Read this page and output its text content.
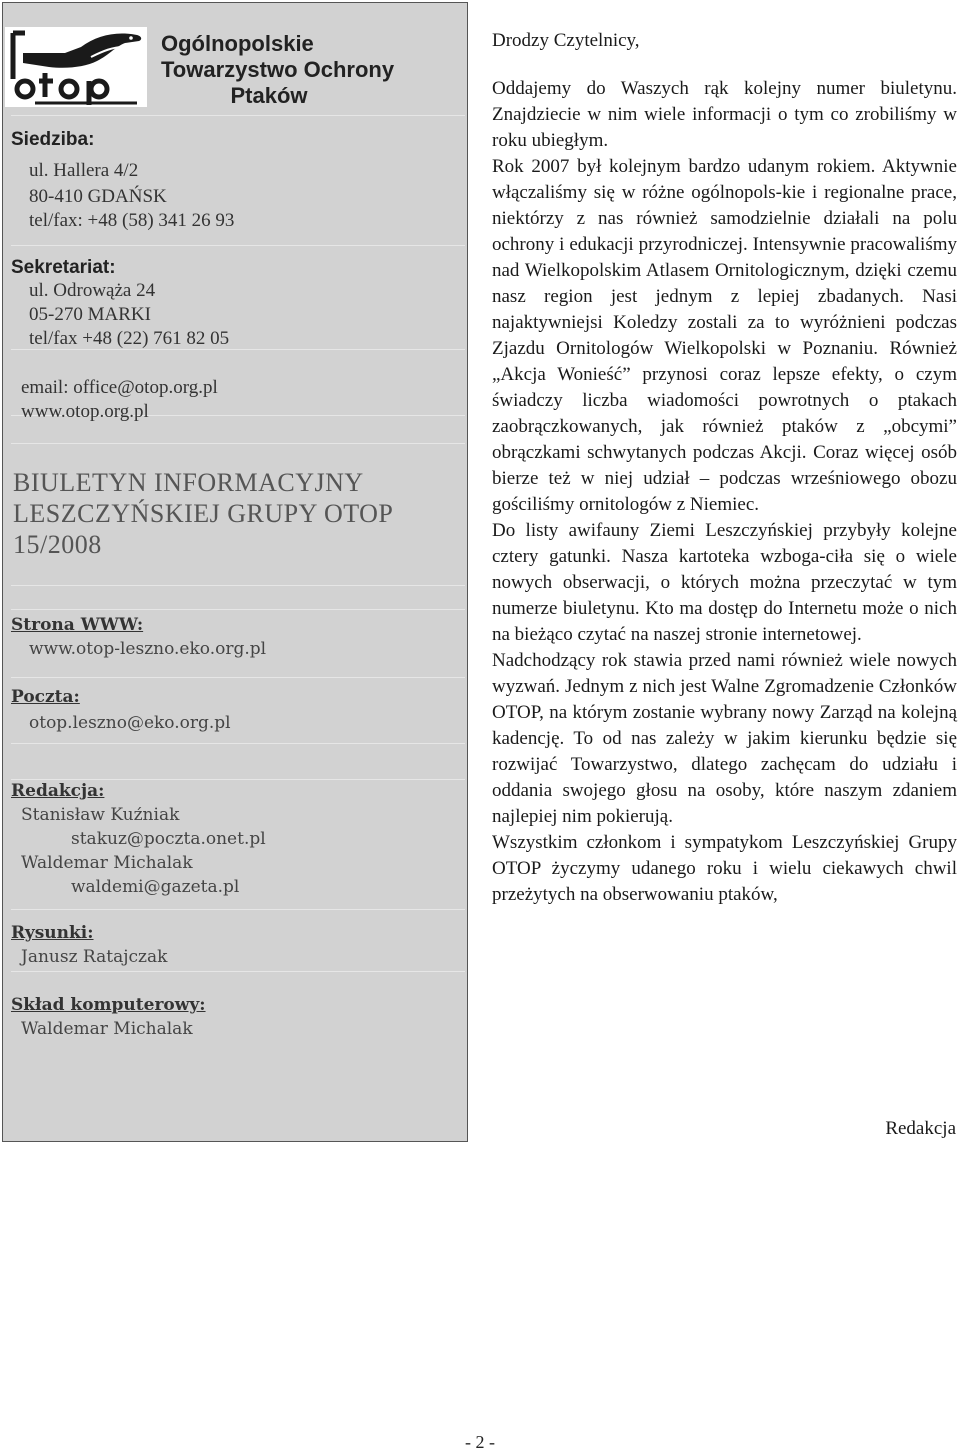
Ogólnopolskie
Towarzystwo Ochrony
Ptaków
Siedziba:
ul. Hallera 4/2
80-410 GDAŃSK
tel/fax: +48 (58) 341 26 93
Sekretariat:
ul. Odrowąża 24
05-270 MARKI
tel/fax +48 (22) 761 82 05
email: office@otop.org.pl
www.otop.org.pl
BIULETYN INFORMACYJNY
LESZCZYŃSKIEJ GRUPY OTOP
15/2008
Strona WWW:
www.otop-leszno.eko.org.pl
Poczta:
otop.leszno@eko.org.pl
Redakcja:
Stanisław Kuźniak
stakuz@poczta.onet.pl
Waldemar Michalak
waldemi@gazeta.pl
Rysunki:
Janusz Ratajczak
Skład komputerowy:
Waldemar Michalak
Drodzy Czytelnicy,

Oddajemy do Waszych rąk kolejny numer biuletynu. Znajdziecie w nim wiele informacji o tym co zrobiliśmy w roku ubiegłym.

Rok 2007 był kolejnym bardzo udanym rokiem. Aktywnie włączaliśmy się w różne ogólnopols-kie i regionalne prace, niektórzy z nas również samodzielnie działali na polu ochrony i edukacji przyrodniczej. Intensywnie pracowaliśmy nad Wielkopolskim Atlasem Ornitologicznym, dzięki czemu nasz region jest jednym z lepiej zbadanych. Nasi najaktywniejsi Koledzy zostali za to wyróżnieni podczas Zjazdu Ornitologów Wielkopolski w Poznaniu. Również „Akcja Wonieść” przynosi coraz lepsze efekty, o czym świadczy liczba wiadomości powrotnych o ptakach zaobrączkowanych, jak również ptaków z „obcymi” obrączkami schwytanych podczas Akcji. Coraz więcej osób bierze też w niej udział – podczas wrześniowego obozu gościliśmy ornitologów z Niemiec.

Do listy awifauny Ziemi Leszczyńskiej przybyły kolejne cztery gatunki. Nasza kartoteka wzboga-ciła się o wiele nowych obserwacji, o których można przeczytać w tym numerze biuletynu. Kto ma dostęp do Internetu może o nich na bieżąco czytać na naszej stronie internetowej.

Nadchodzący rok stawia przed nami również wiele nowych wyzwań. Jednym z nich jest Walne Zgromadzenie Członków OTOP, na którym zostanie wybrany nowy Zarząd na kolejną kadencję. To od nas zależy w jakim kierunku będzie się rozwijać Towarzystwo, dlatego zachęcam do udziału i oddania swojego głosu na osoby, które naszym zdaniem najlepiej nim pokierują.

Wszystkim członkom i sympatykom Leszczyńskiej Grupy OTOP życzymy udanego roku i wielu ciekawych chwil przeżytych na obserwowaniu ptaków,

Redakcja
- 2 -
